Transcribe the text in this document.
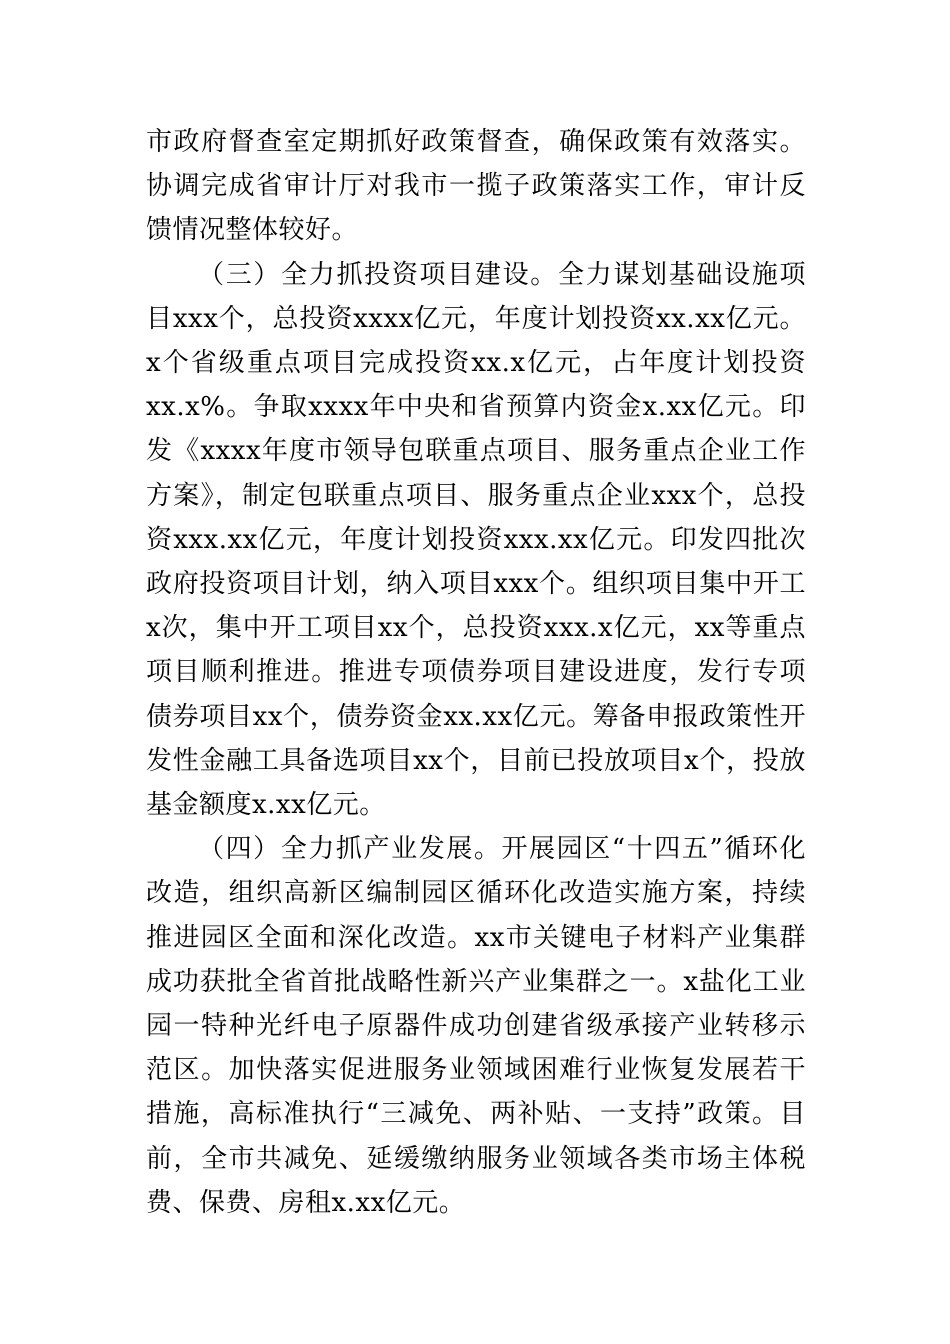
市政府督查室定期抓好政策督查，确保政策有效落实。协调完成省审计厅对我市一揽子政策落实工作，审计反馈情况整体较好。

（三）全力抓投资项目建设。全力谋划基础设施项目xxx个，总投资xxxx亿元，年度计划投资xx.xx亿元。x个省级重点项目完成投资xx.x亿元，占年度计划投资xx.x%。争取xxxx年中央和省预算内资金x.xx亿元。印发《xxxx年度市领导包联重点项目、服务重点企业工作方案》，制定包联重点项目、服务重点企业xxx个，总投资xxx.xx亿元，年度计划投资xxx.xx亿元。印发四批次政府投资项目计划，纳入项目xxx个。组织项目集中开工x次，集中开工项目xx个，总投资xxx.x亿元，xx等重点项目顺利推进。推进专项债券项目建设进度，发行专项债券项目xx个，债券资金xx.xx亿元。筹备申报政策性开发性金融工具备选项目xx个，目前已投放项目x个，投放基金额度x.xx亿元。

（四）全力抓产业发展。开展园区“十四五”循环化改造，组织高新区编制园区循环化改造实施方案，持续推进园区全面和深化改造。xx市关键电子材料产业集群成功获批全省首批战略性新兴产业集群之一。x盐化工业园一特种光纤电子原器件成功创建省级承接产业转移示范区。加快落实促进服务业领域困难行业恢复发展若干措施，高标准执行“三减免、两补贴、一支持”政策。目前，全市共减免、延缓缴纳服务业领域各类市场主体税费、保费、房租x.xx亿元。
